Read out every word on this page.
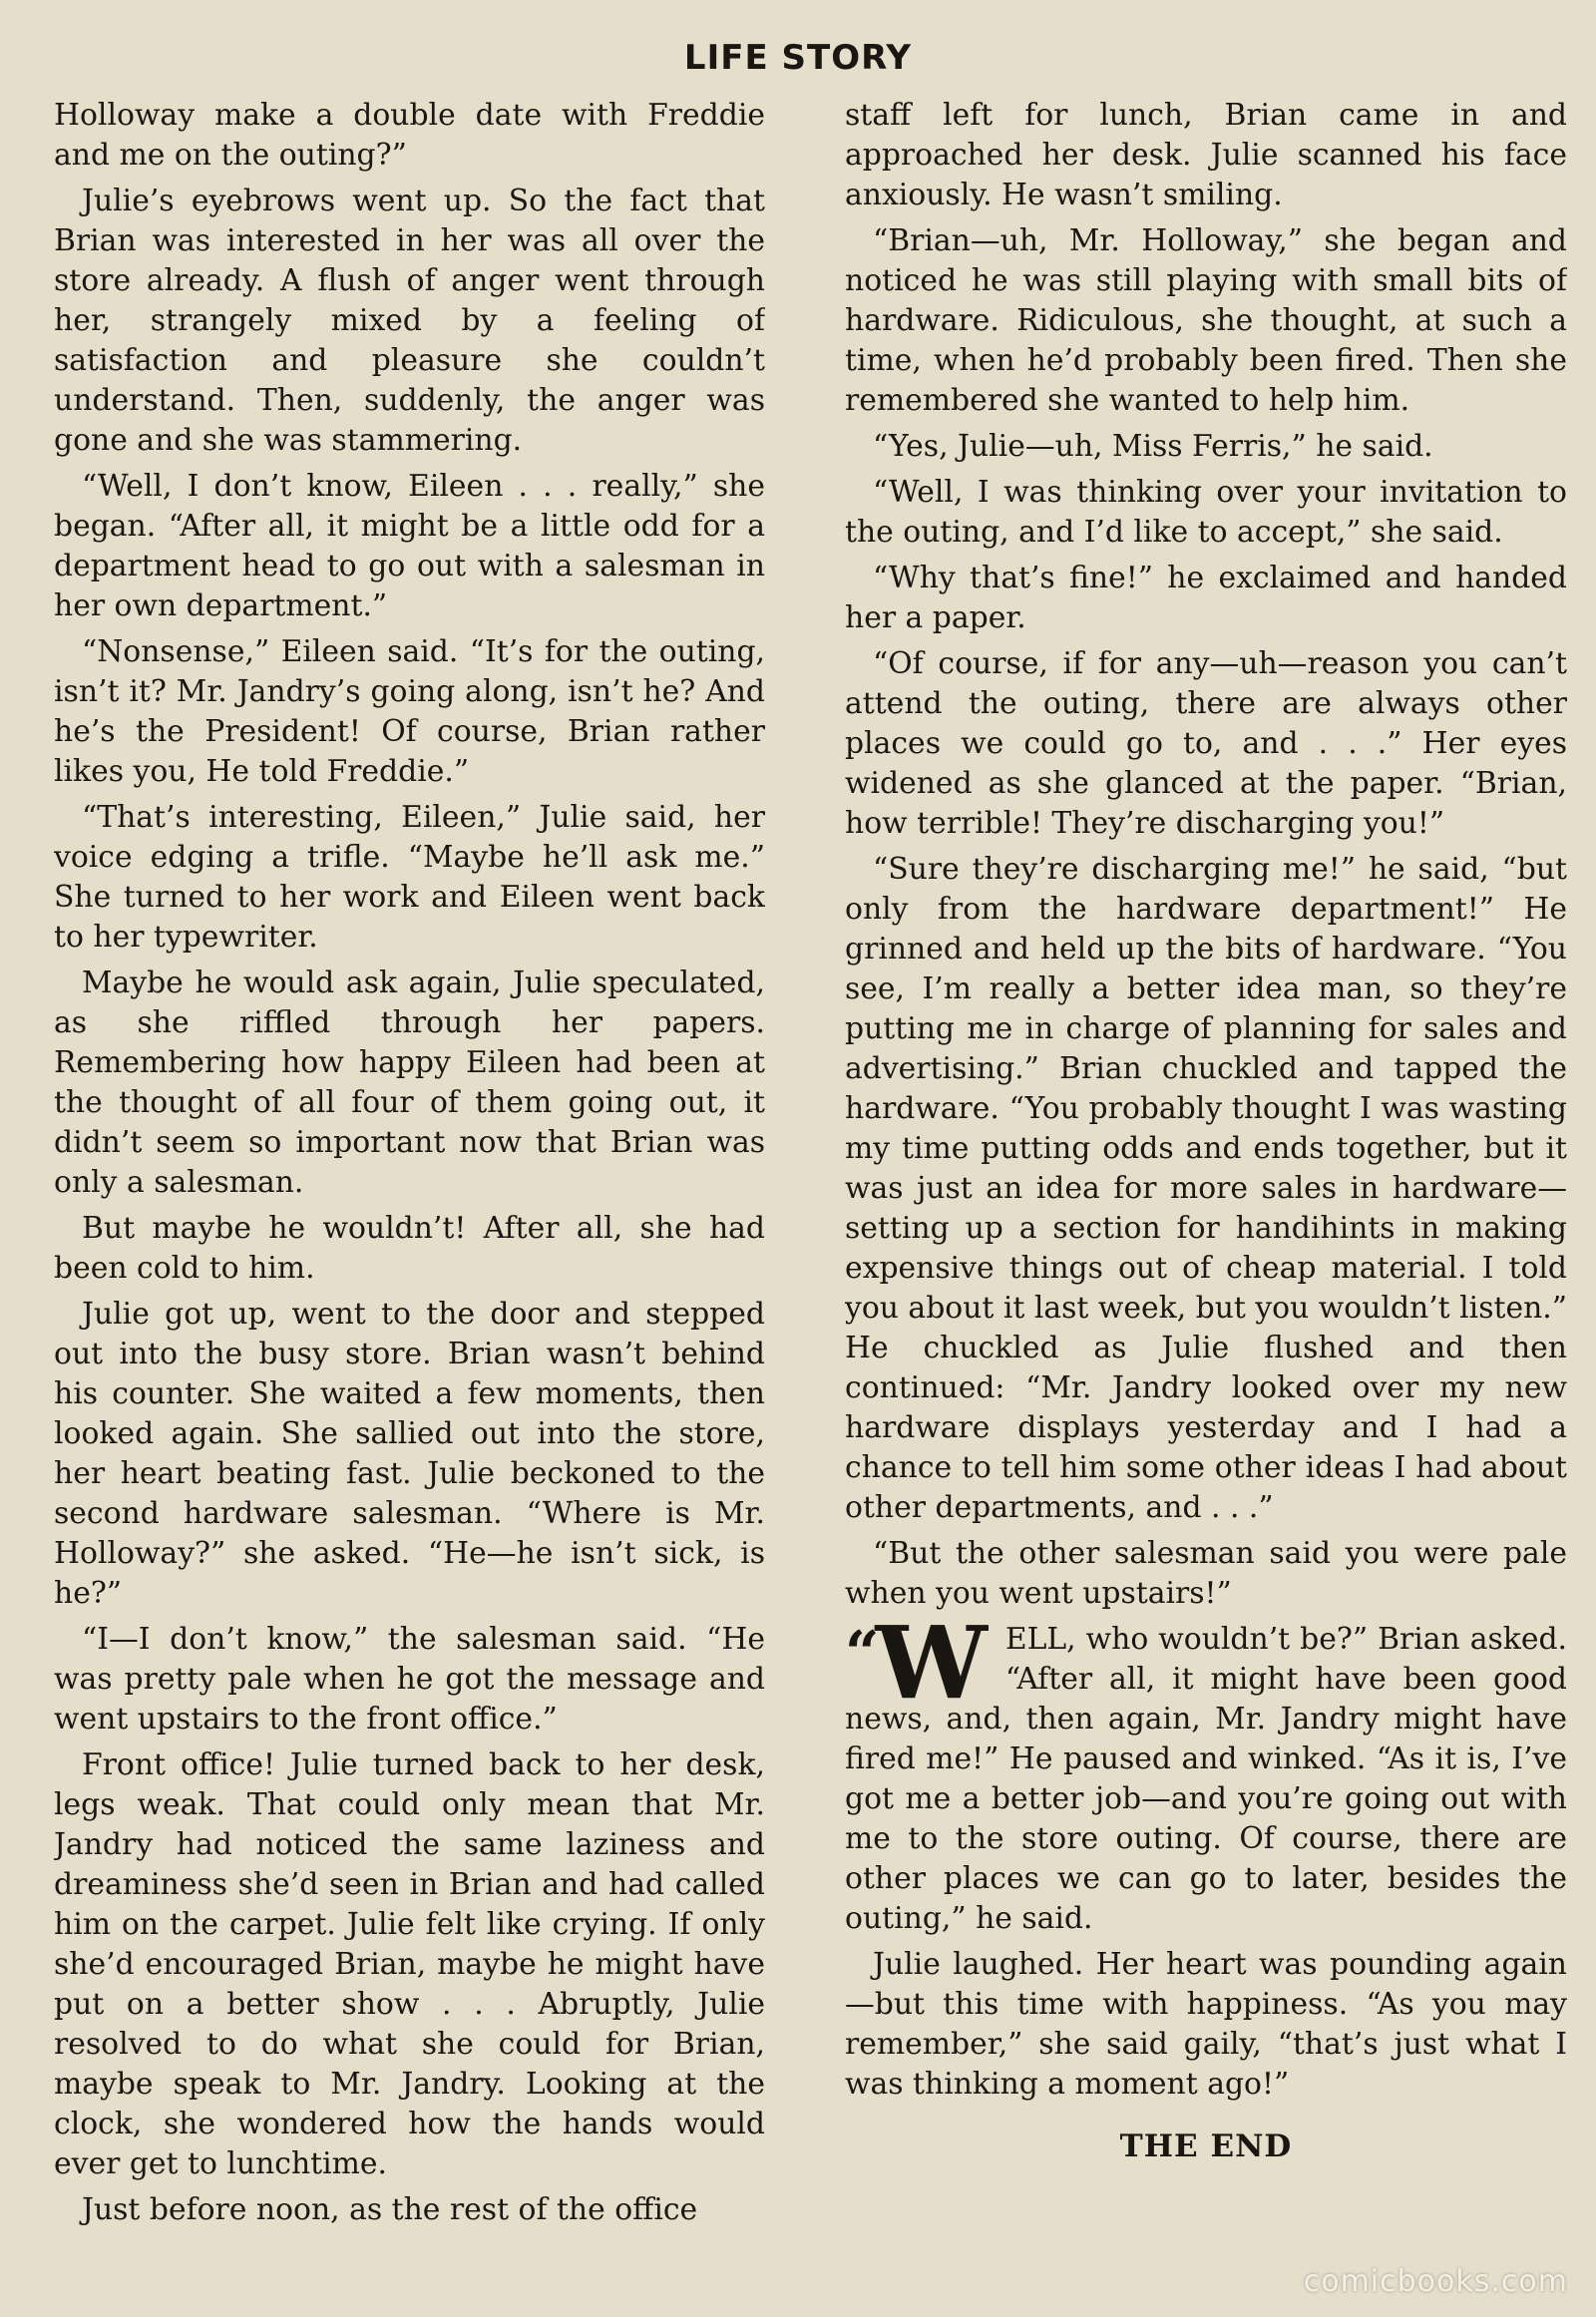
LIFE STORY

Holloway make a double date with Freddie and me on the outing?”

Julie’s eyebrows went up. So the fact that Brian was interested in her was all over the store already. A flush of anger went through her, strangely mixed by a feeling of satisfaction and pleasure she couldn’t understand. Then, suddenly, the anger was gone and she was stammering.

“Well, I don’t know, Eileen . . . really,” she began. “After all, it might be a little odd for a department head to go out with a salesman in her own department.”

“Nonsense,” Eileen said. “It’s for the outing, isn’t it? Mr. Jandry’s going along, isn’t he? And he’s the President! Of course, Brian rather likes you, He told Freddie.”

“That’s interesting, Eileen,” Julie said, her voice edging a trifle. “Maybe he’ll ask me.” She turned to her work and Eileen went back to her typewriter.

Maybe he would ask again, Julie speculated, as she riffled through her papers. Remembering how happy Eileen had been at the thought of all four of them going out, it didn’t seem so important now that Brian was only a salesman.

But maybe he wouldn’t! After all, she had been cold to him.

Julie got up, went to the door and stepped out into the busy store. Brian wasn’t behind his counter. She waited a few moments, then looked again. She sallied out into the store, her heart beating fast. Julie beckoned to the second hardware salesman. “Where is Mr. Holloway?” she asked. “He—he isn’t sick, is he?”

“I—I don’t know,” the salesman said. “He was pretty pale when he got the message and went upstairs to the front office.”

Front office! Julie turned back to her desk, legs weak. That could only mean that Mr. Jandry had noticed the same laziness and dreaminess she’d seen in Brian and had called him on the carpet. Julie felt like crying. If only she’d encouraged Brian, maybe he might have put on a better show . . . Abruptly, Julie resolved to do what she could for Brian, maybe speak to Mr. Jandry. Looking at the clock, she wondered how the hands would ever get to lunchtime.

Just before noon, as the rest of the office

staff left for lunch, Brian came in and approached her desk. Julie scanned his face anxiously. He wasn’t smiling.

“Brian—uh, Mr. Holloway,” she began and noticed he was still playing with small bits of hardware. Ridiculous, she thought, at such a time, when he’d probably been fired. Then she remembered she wanted to help him.

“Yes, Julie—uh, Miss Ferris,” he said.

“Well, I was thinking over your invitation to the outing, and I’d like to accept,” she said.

“Why that’s fine!” he exclaimed and handed her a paper.

“Of course, if for any—uh—reason you can’t attend the outing, there are always other places we could go to, and . . .” Her eyes widened as she glanced at the paper. “Brian, how terrible! They’re discharging you!”

“Sure they’re discharging me!” he said, “but only from the hardware department!” He grinned and held up the bits of hardware. “You see, I’m really a better idea man, so they’re putting me in charge of planning for sales and advertising.” Brian chuckled and tapped the hardware. “You probably thought I was wasting my time putting odds and ends together, but it was just an idea for more sales in hardware—setting up a section for handihints in making expensive things out of cheap material. I told you about it last week, but you wouldn’t listen.” He chuckled as Julie flushed and then continued: “Mr. Jandry looked over my new hardware displays yesterday and I had a chance to tell him some other ideas I had about other departments, and . . .”

“But the other salesman said you were pale when you went upstairs!”

“W ELL, who wouldn’t be?” Brian asked. “After all, it might have been good news, and, then again, Mr. Jandry might have fired me!” He paused and winked. “As it is, I’ve got me a better job—and you’re going out with me to the store outing. Of course, there are other places we can go to later, besides the outing,” he said.

Julie laughed. Her heart was pounding again—but this time with happiness. “As you may remember,” she said gaily, “that’s just what I was thinking a moment ago!”

THE END
comicbooks.com
